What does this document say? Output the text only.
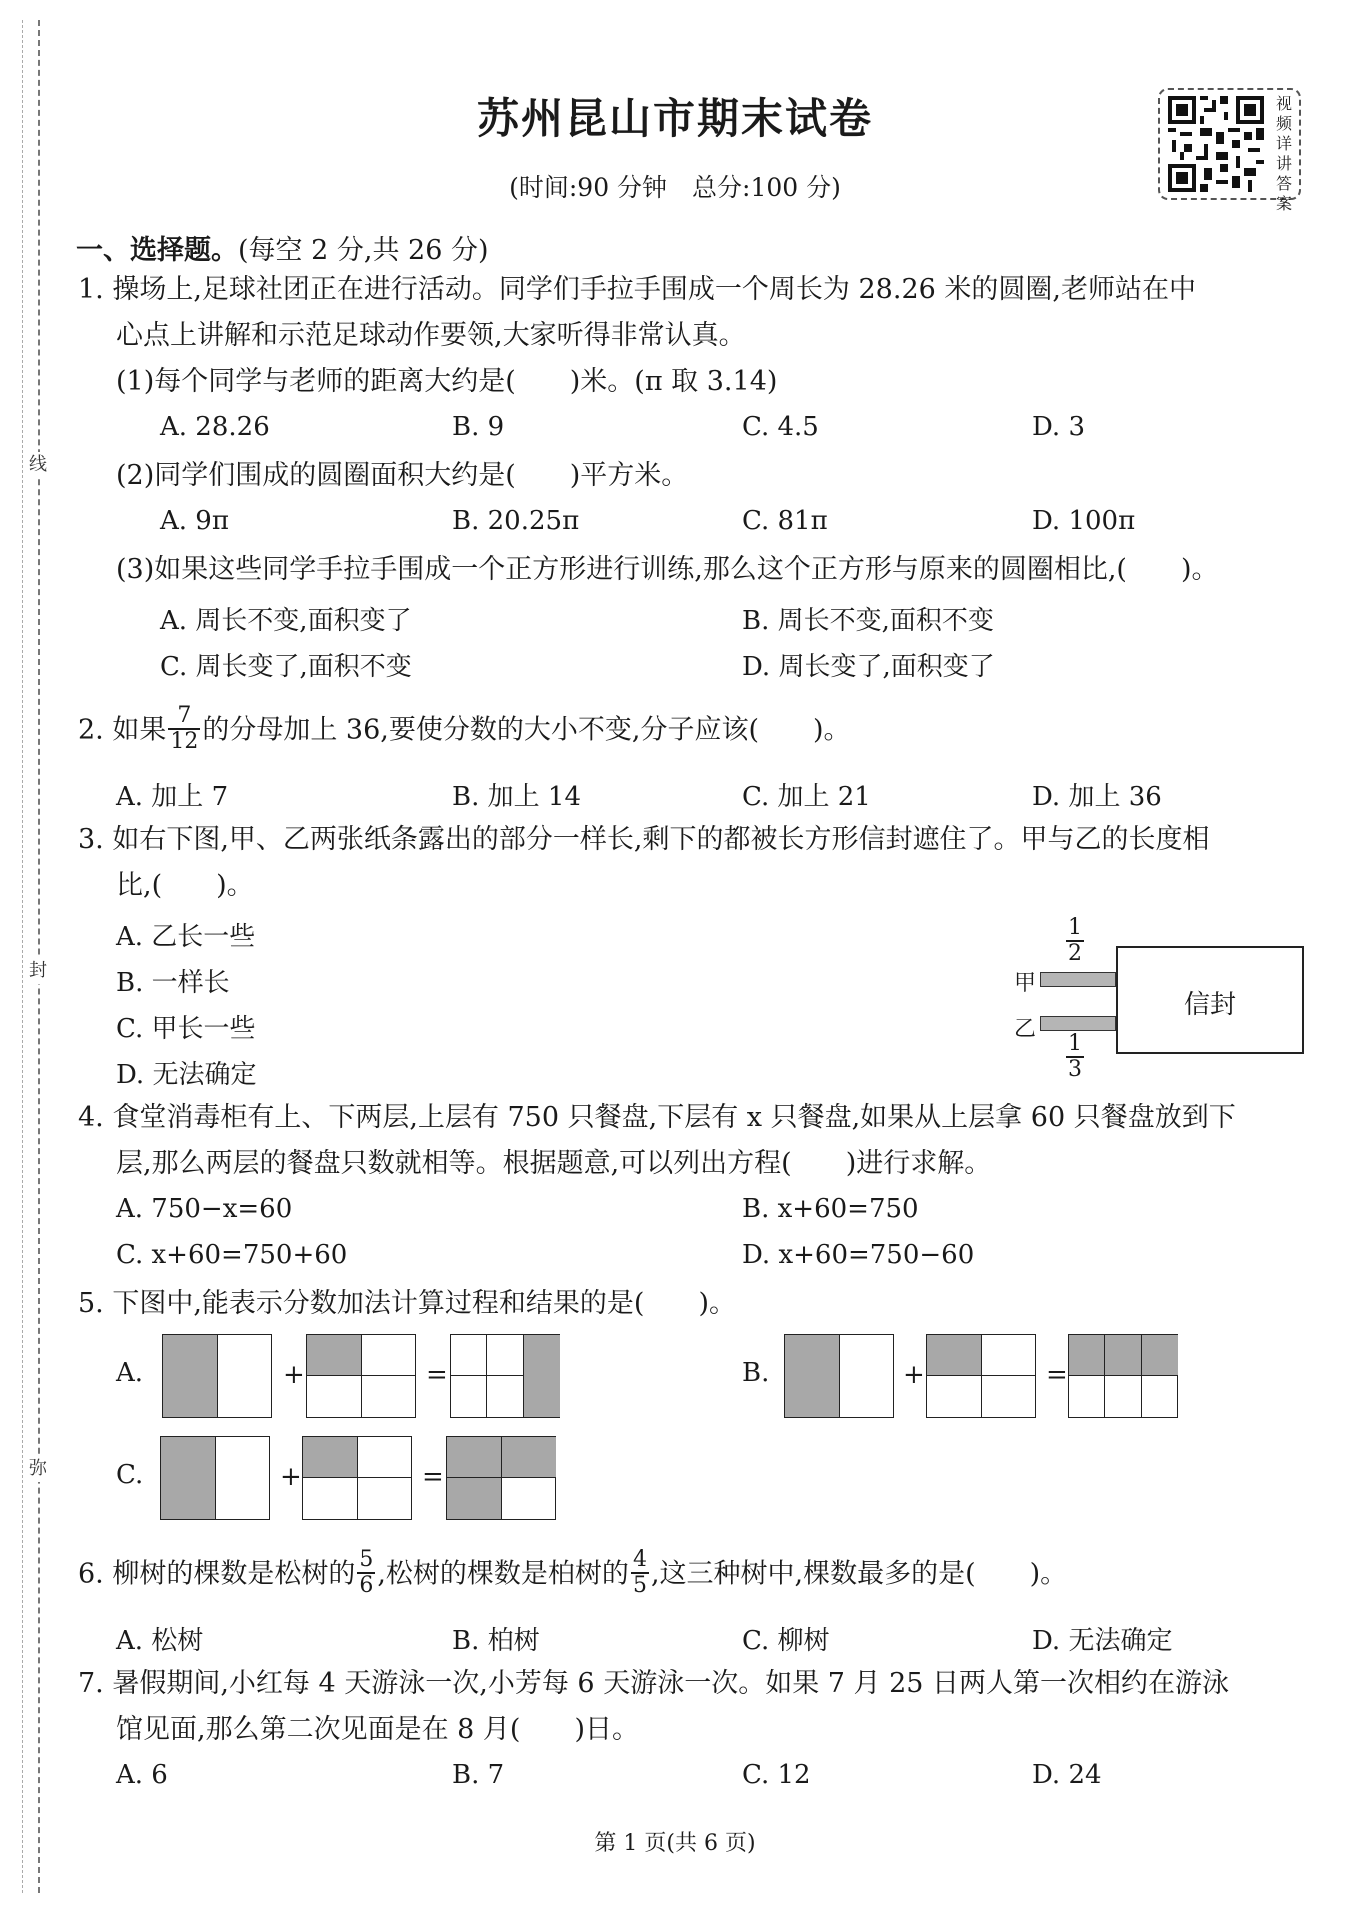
线
封
弥
苏州昆山市期末试卷
(时间:90 分钟　总分:100 分)
视频详讲答案
一、选择题。(每空 2 分,共 26 分)
1. 操场上,足球社团正在进行活动。同学们手拉手围成一个周长为 28.26 米的圆圈,老师站在中
心点上讲解和示范足球动作要领,大家听得非常认真。
(1)每个同学与老师的距离大约是(　　)米。(π 取 3.14)
A. 28.26	B. 9	C. 4.5	D. 3
(2)同学们围成的圆圈面积大约是(　　)平方米。
A. 9π	B. 20.25π	C. 81π	D. 100π
(3)如果这些同学手拉手围成一个正方形进行训练,那么这个正方形与原来的圆圈相比,(　　)。
A. 周长不变,面积变了	B. 周长不变,面积不变
C. 周长变了,面积不变	D. 周长变了,面积变了
2. 如果 $\frac{7}{12}$ 的分母加上 36,要使分数的大小不变,分子应该(　　)。
A. 加上 7	B. 加上 14	C. 加上 21	D. 加上 36
3. 如右下图,甲、乙两张纸条露出的部分一样长,剩下的都被长方形信封遮住了。甲与乙的长度相
比,(　　)。
A. 乙长一些
B. 一样长
C. 甲长一些
D. 无法确定
$\frac{1}{2}$
甲
乙
信封
$\frac{1}{3}$
4. 食堂消毒柜有上、下两层,上层有 750 只餐盘,下层有 x 只餐盘,如果从上层拿 60 只餐盘放到下
层,那么两层的餐盘只数就相等。根据题意,可以列出方程(　　)进行求解。
A. 750−x=60	B. x+60=750
C. x+60=750+60	D. x+60=750−60
5. 下图中,能表示分数加法计算过程和结果的是(　　)。
A.	+	=	B.	+	=
C.	+	=
6. 柳树的棵数是松树的 $\frac{5}{6}$ ,松树的棵数是柏树的 $\frac{4}{5}$ ,这三种树中,棵数最多的是(　　)。
A. 松树	B. 柏树	C. 柳树	D. 无法确定
7. 暑假期间,小红每 4 天游泳一次,小芳每 6 天游泳一次。如果 7 月 25 日两人第一次相约在游泳
馆见面,那么第二次见面是在 8 月(　　)日。
A. 6	B. 7	C. 12	D. 24
第 1 页(共 6 页)
